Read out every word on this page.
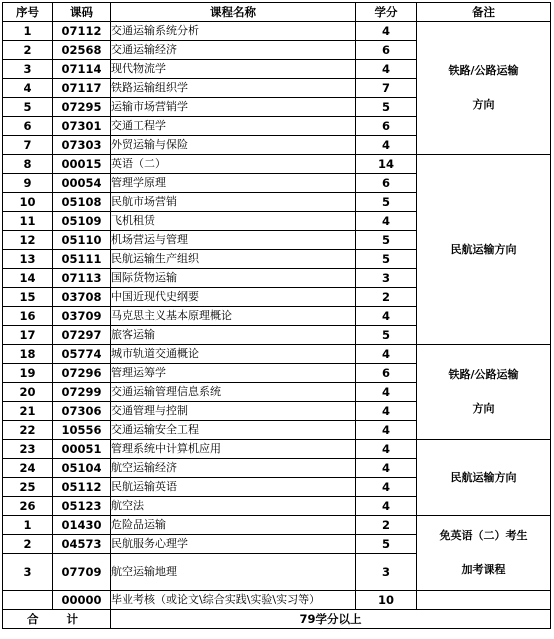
序号	课码	课程名称	学分	备注
1	07112	交通运输系统分析	4	铁路/公路运输
方向

2	02568	交通运输经济	6	
3	07114	现代物流学	4	
4	07117	铁路运输组织学	7	
5	07295	运输市场营销学	5	
6	07301	交通工程学	6	
7	07303	外贸运输与保险	4	
8	00015	英语（二）	14	民航运输方向
9	00054	管理学原理	6	
10	05108	民航市场营销	5	
11	05109	飞机租赁	4	
12	05110	机场营运与管理	5	
13	05111	民航运输生产组织	5	
14	07113	国际货物运输	3	
15	03708	中国近现代史纲要	2	
16	03709	马克思主义基本原理概论	4	
17	07297	旅客运输	5	
18	05774	城市轨道交通概论	4	铁路/公路运输
方向

19	07296	管理运筹学	6	
20	07299	交通运输管理信息系统	4	
21	07306	交通管理与控制	4	
22	10556	交通运输安全工程	4	
23	00051	管理系统中计算机应用	4	民航运输方向
24	05104	航空运输经济	4	
25	05112	民航运输英语	4	
26	05123	航空法	4	
1	01430	危险品运输	2	免英语（二）考生
加考课程

2	04573	民航服务心理学	5	
3	07709	航空运输地理	3	
	00000	毕业考核（或论文\综合实践\实验\实习等）	10	
合计		79学分以上		
